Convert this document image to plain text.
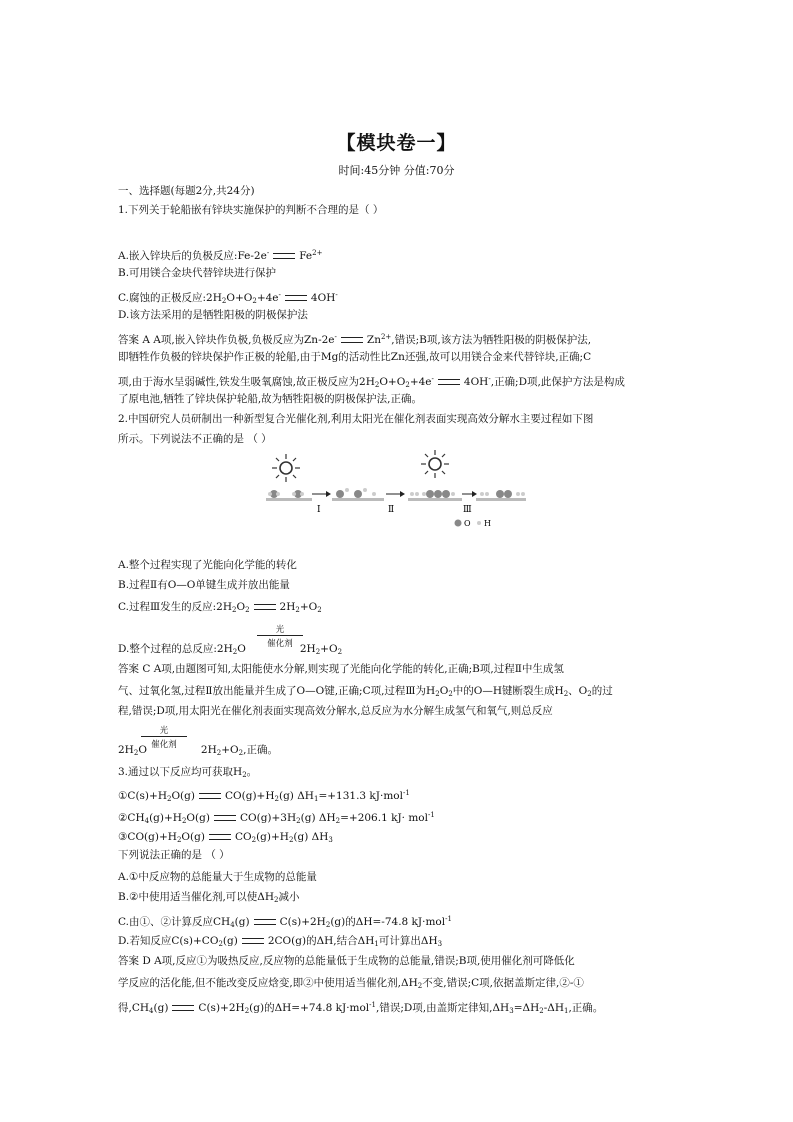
【模块卷一】
时间:45分钟 分值:70分
一、选择题(每题2分,共24分)
1.下列关于轮船嵌有锌块实施保护的判断不合理的是（ ）
A.嵌入锌块后的负极反应:Fe-2e-	$Fe^{2+}$
B.可用镁合金块代替锌块进行保护
C.腐蚀的正极反应$:2H_2O+O_2+4e^-$	4OH-
D.该方法采用的是牺牲阳极的阴极保护法
答案 A A项,嵌入锌块作负极,负极反应为Zn-2e-	$Zn^{2+}$,错误;B项,该方法为牺牲阳极的阴极保护法,
即牺牲作负极的锌块保护作正极的轮船,由于Mg的活动性比Zn还强,故可以用镁合金来代替锌块,正确;C
项,由于海水呈弱碱性,铁发生吸氧腐蚀,故正极反应为$2H_2O+O_2+4e^-$	4OH-,正确;D项,此保护方法是构成
了原电池,牺牲了锌块保护轮船,故为牺牲阳极的阴极保护法,正确。
2.中国研究人员研制出一种新型复合光催化剂,利用太阳光在催化剂表面实现高效分解水主要过程如下图
所示。下列说法不正确的是 （ ）
Ⅰ	Ⅱ	Ⅲ
O H
A.整个过程实现了光能向化学能的转化
B.过程Ⅱ有O—O单键生成并放出能量
C.过程Ⅲ发生的反应$:2H_2O_2$	$2H_2+O_2$
D.整个过程的总反应$:2H_2O$	$2H_2+O_2$
光
催化剂
答案 C A项,由题图可知,太阳能使水分解,则实现了光能向化学能的转化,正确;B项,过程Ⅱ中生成氢
气、过氧化氢,过程Ⅱ放出能量并生成了O—O键,正确;C项,过程Ⅲ为$H_2O_2$中的O—H键断裂生成$H_2$、$O_2$的过
程,错误;D项,用太阳光在催化剂表面实现高效分解水,总反应为水分解生成氢气和氧气,则总反应
$2H_2O$	$2H_2+O_2$,正确。
光
催化剂
3.通过以下反应均可获取$H_2$。
$①C(s)+H_2O(g)$	$CO(g)+H_2(g)$ $\Delta H_1=+131.3$ kJ·mol$^{-1}$
$②CH_4(g)+H_2O(g)$	$CO(g)+3H_2(g)$ $\Delta H_2=+206.1$ kJ· mol$^{-1}$
$③CO(g)+H_2O(g)$	$CO_2(g)+H_2(g)$ $\Delta H_3$
下列说法正确的是 （ ）
A.①中反应物的总能量大于生成物的总能量
B.②中使用适当催化剂,可以使$\Delta H_2$减小
C.由①、②计算反应$CH_4(g)$	$C(s)+2H_2(g)$的ΔH=-74.8 kJ·mol$^{-1}$
D.若知反应$C(s)+CO_2(g)$	2CO(g)的ΔH,结合$\Delta H_1$可计算出$\Delta H_3$
答案 D A项,反应①为吸热反应,反应物的总能量低于生成物的总能量,错误;B项,使用催化剂可降低化
学反应的活化能,但不能改变反应焓变,即②中使用适当催化剂$,\Delta H_2$不变,错误;C项,依据盖斯定律,②-①
得$,CH_4(g)$	$C(s)+2H_2(g)$的ΔH=+74.8 kJ·mol$^{-1}$,错误;D项,由盖斯定律知$,\Delta H_3=\Delta H_2-\Delta H_1$,正确。
